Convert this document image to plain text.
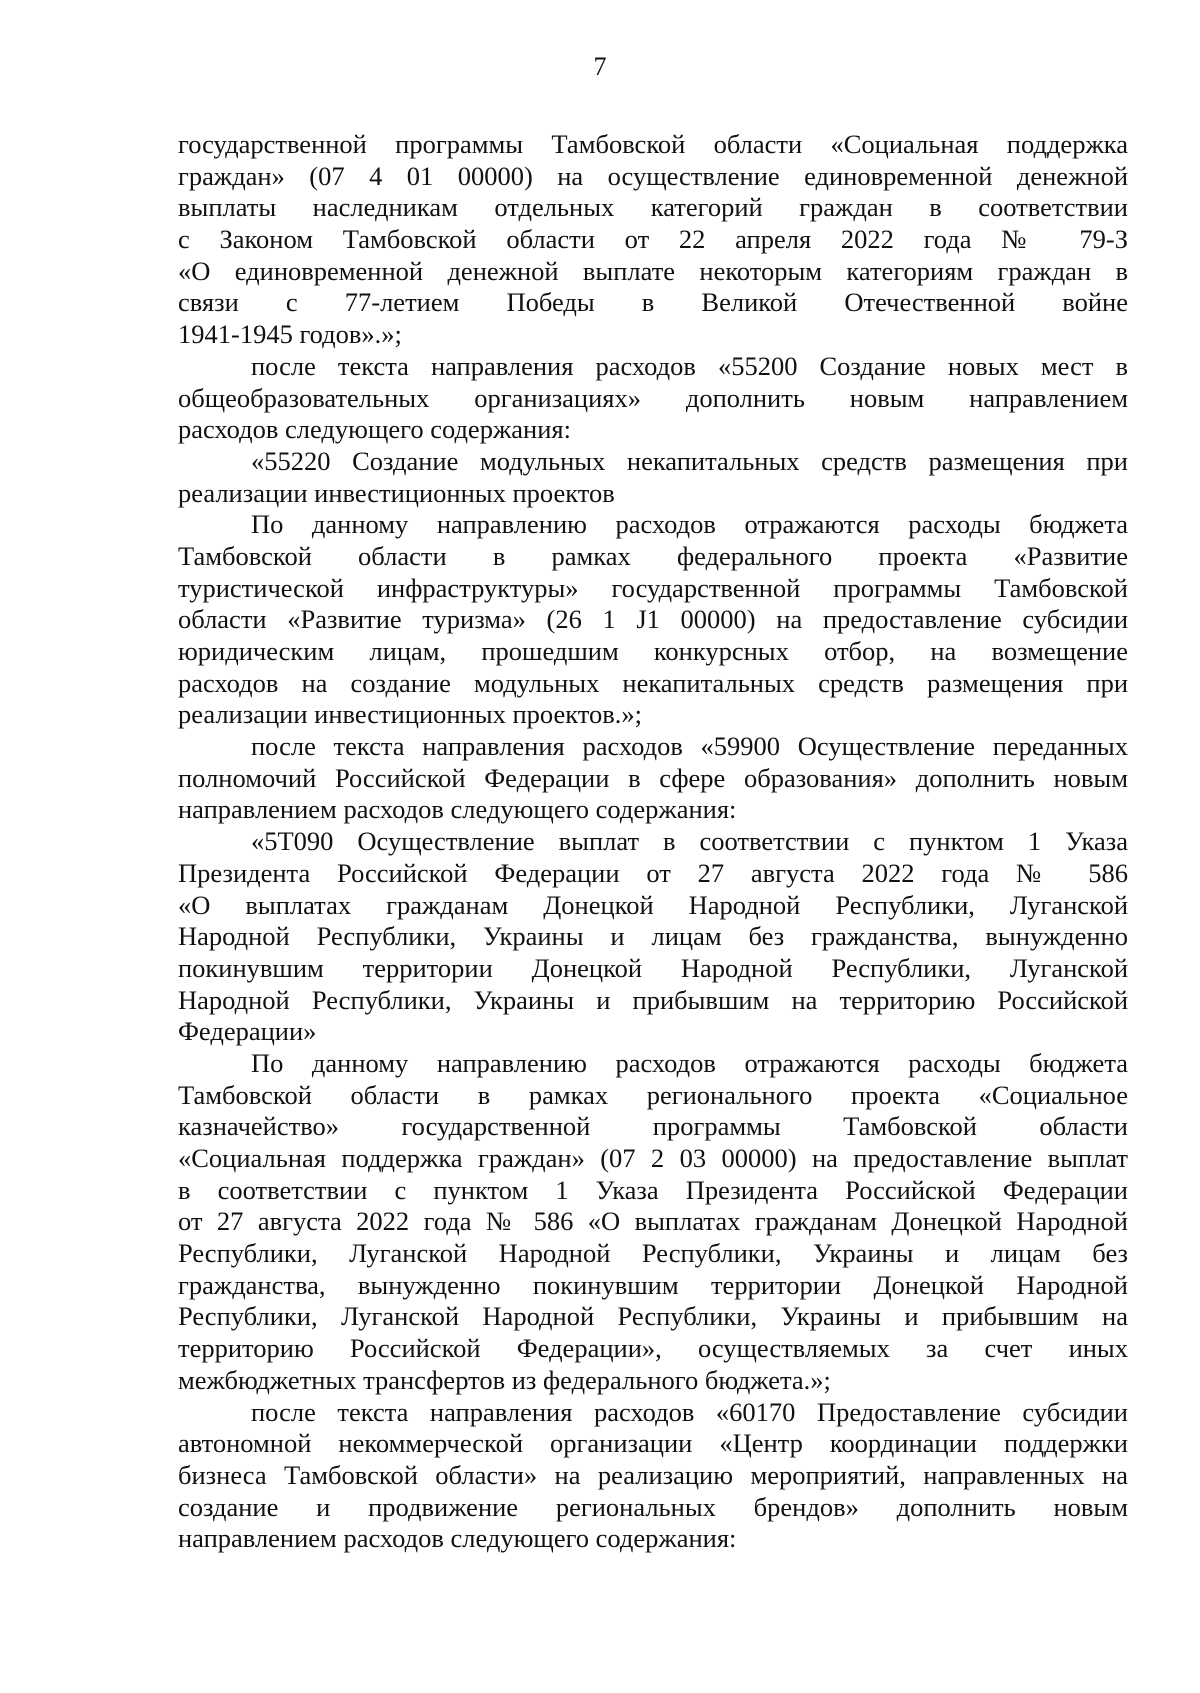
7
государственной программы Тамбовской области «Социальная поддержка
граждан» (07 4 01 00000) на осуществление единовременной денежной
выплаты наследникам отдельных категорий граждан в соответствии
с Законом Тамбовской области от 22 апреля 2022 года № 79-З
«О единовременной денежной выплате некоторым категориям граждан в
связи с 77-летием Победы в Великой Отечественной войне
1941-1945 годов».»;
после текста направления расходов «55200 Создание новых мест в
общеобразовательных организациях» дополнить новым направлением
расходов следующего содержания:
«55220 Создание модульных некапитальных средств размещения при
реализации инвестиционных проектов
По данному направлению расходов отражаются расходы бюджета
Тамбовской области в рамках федерального проекта «Развитие
туристической инфраструктуры» государственной программы Тамбовской
области «Развитие туризма» (26 1 J1 00000) на предоставление субсидии
юридическим лицам, прошедшим конкурсных отбор, на возмещение
расходов на создание модульных некапитальных средств размещения при
реализации инвестиционных проектов.»;
после текста направления расходов «59900 Осуществление переданных
полномочий Российской Федерации в сфере образования» дополнить новым
направлением расходов следующего содержания:
«5Т090 Осуществление выплат в соответствии с пунктом 1 Указа
Президента Российской Федерации от 27 августа 2022 года № 586
«О выплатах гражданам Донецкой Народной Республики, Луганской
Народной Республики, Украины и лицам без гражданства, вынужденно
покинувшим территории Донецкой Народной Республики, Луганской
Народной Республики, Украины и прибывшим на территорию Российской
Федерации»
По данному направлению расходов отражаются расходы бюджета
Тамбовской области в рамках регионального проекта «Социальное
казначейство» государственной программы Тамбовской области
«Социальная поддержка граждан» (07 2 03 00000) на предоставление выплат
в соответствии с пунктом 1 Указа Президента Российской Федерации
от 27 августа 2022 года № 586 «О выплатах гражданам Донецкой Народной
Республики, Луганской Народной Республики, Украины и лицам без
гражданства, вынужденно покинувшим территории Донецкой Народной
Республики, Луганской Народной Республики, Украины и прибывшим на
территорию Российской Федерации», осуществляемых за счет иных
межбюджетных трансфертов из федерального бюджета.»;
после текста направления расходов «60170 Предоставление субсидии
автономной некоммерческой организации «Центр координации поддержки
бизнеса Тамбовской области» на реализацию мероприятий, направленных на
создание и продвижение региональных брендов» дополнить новым
направлением расходов следующего содержания:
